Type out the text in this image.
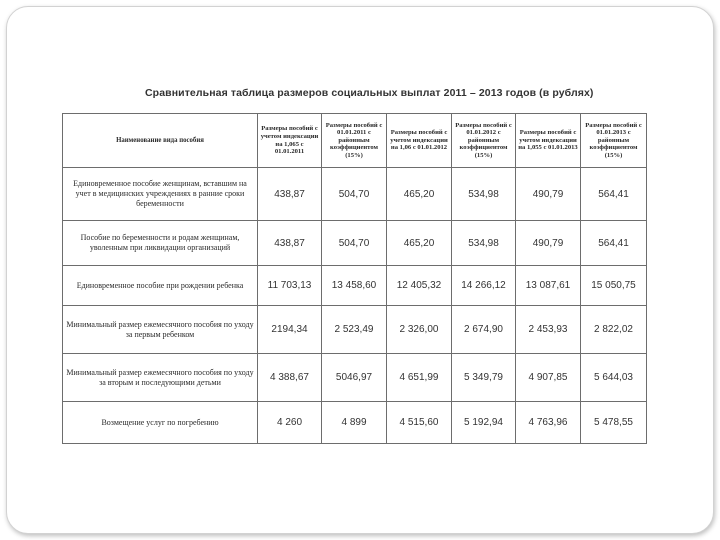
Сравнительная таблица размеров социальных выплат 2011 – 2013 годов (в рублях)
Наименование вида пособия	Размеры пособий с учетом индексации на 1,065 с 01.01.2011	Размеры пособий с 01.01.2011 с районным коэффициентом (15%)	Размеры пособий с учетом индексации на 1,06 с 01.01.2012	Размеры пособий с 01.01.2012 с районным коэффициентом (15%)	Размеры пособий с учетом индексации на 1,055 с 01.01.2013	Размеры пособий с 01.01.2013 с районным коэффициентом (15%)
Единовременное пособие женщинам, вставшим на учет в медицинских учреждениях в ранние сроки беременности	438,87	504,70	465,20	534,98	490,79	564,41
Пособие по беременности и родам женщинам, уволенным при ликвидации организаций	438,87	504,70	465,20	534,98	490,79	564,41
Единовременное пособие при рождении ребенка	11 703,13	13 458,60	12 405,32	14 266,12	13 087,61	15 050,75
Минимальный размер ежемесячного пособия по уходу за первым ребенком	2194,34	2 523,49	2 326,00	2 674,90	2 453,93	2 822,02
Минимальный размер ежемесячного пособия по уходу за вторым и последующими детьми	4 388,67	5046,97	4 651,99	5 349,79	4 907,85	5 644,03
Возмещение услуг по погребению	4 260	4 899	4 515,60	5 192,94	4 763,96	5 478,55
